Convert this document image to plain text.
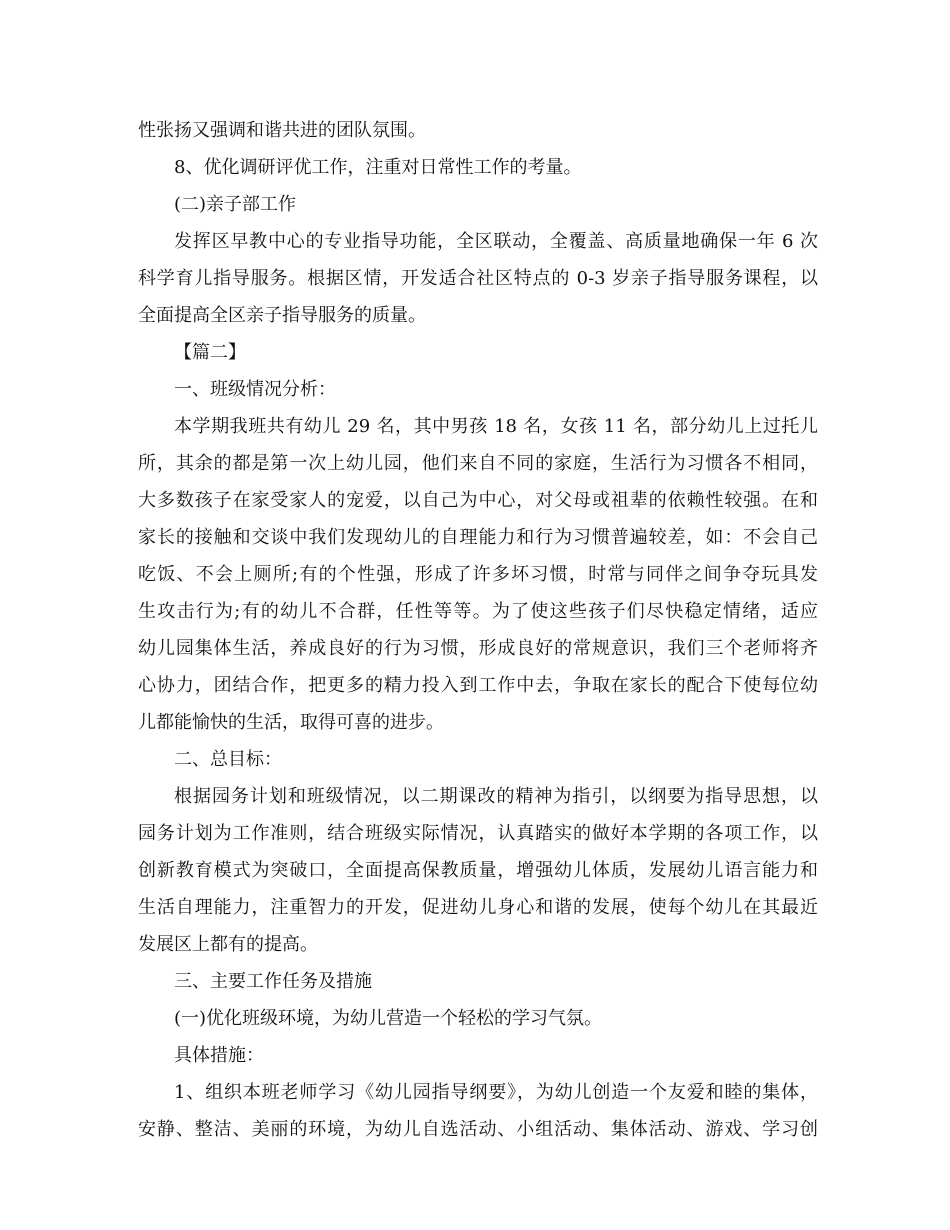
性张扬又强调和谐共进的团队氛围。

8、优化调研评优工作，注重对日常性工作的考量。

(二)亲子部工作

发挥区早教中心的专业指导功能，全区联动，全覆盖、高质量地确保一年 6 次

科学育儿指导服务。根据区情，开发适合社区特点的 0-3 岁亲子指导服务课程，以

全面提高全区亲子指导服务的质量。

【篇二】

一、班级情况分析：

本学期我班共有幼儿 29 名，其中男孩 18 名，女孩 11 名，部分幼儿上过托儿

所，其余的都是第一次上幼儿园，他们来自不同的家庭，生活行为习惯各不相同，

大多数孩子在家受家人的宠爱，以自己为中心，对父母或祖辈的依赖性较强。在和

家长的接触和交谈中我们发现幼儿的自理能力和行为习惯普遍较差，如：不会自己

吃饭、不会上厕所;有的个性强，形成了许多坏习惯，时常与同伴之间争夺玩具发

生攻击行为;有的幼儿不合群，任性等等。为了使这些孩子们尽快稳定情绪，适应

幼儿园集体生活，养成良好的行为习惯，形成良好的常规意识，我们三个老师将齐

心协力，团结合作，把更多的精力投入到工作中去，争取在家长的配合下使每位幼

儿都能愉快的生活，取得可喜的进步。

二、总目标：

根据园务计划和班级情况，以二期课改的精神为指引，以纲要为指导思想，以

园务计划为工作准则，结合班级实际情况，认真踏实的做好本学期的各项工作，以

创新教育模式为突破口，全面提高保教质量，增强幼儿体质，发展幼儿语言能力和

生活自理能力，注重智力的开发，促进幼儿身心和谐的发展，使每个幼儿在其最近

发展区上都有的提高。

三、主要工作任务及措施

(一)优化班级环境，为幼儿营造一个轻松的学习气氛。

具体措施：

1、组织本班老师学习《幼儿园指导纲要》，为幼儿创造一个友爱和睦的集体，

安静、整洁、美丽的环境，为幼儿自选活动、小组活动、集体活动、游戏、学习创
